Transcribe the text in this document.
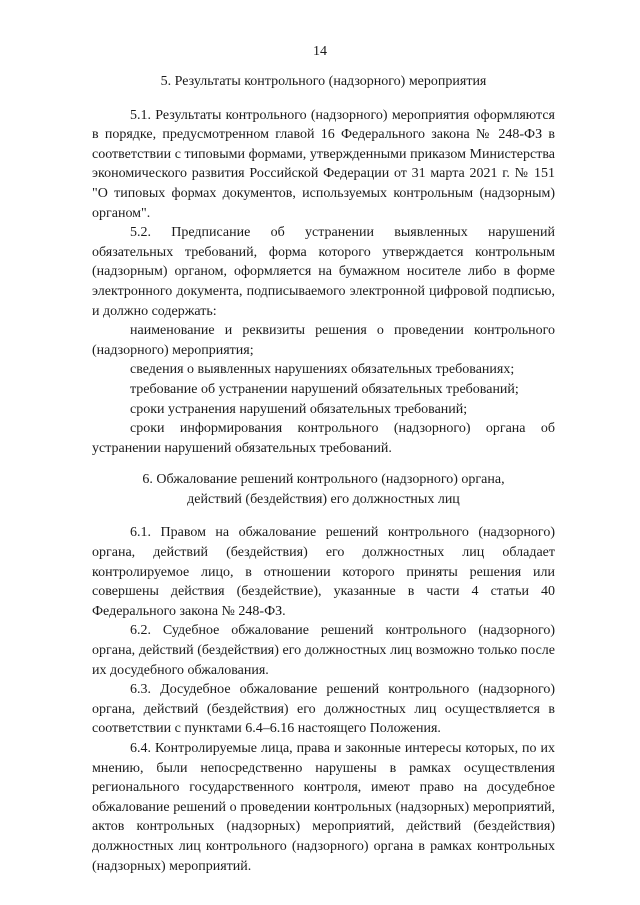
14
5. Результаты контрольного (надзорного) мероприятия

5.1. Результаты контрольного (надзорного) мероприятия оформляются в порядке, предусмотренном главой 16 Федерального закона № 248-ФЗ в соответствии с типовыми формами, утвержденными приказом Министерства экономического развития Российской Федерации от 31 марта 2021 г. № 151 "О типовых формах документов, используемых контрольным (надзорным) органом".

5.2. Предписание об устранении выявленных нарушений обязательных требований, форма которого утверждается контрольным (надзорным) органом, оформляется на бумажном носителе либо в форме электронного документа, подписываемого электронной цифровой подписью, и должно содержать:

наименование и реквизиты решения о проведении контрольного (надзорного) мероприятия;

сведения о выявленных нарушениях обязательных требованиях;

требование об устранении нарушений обязательных требований;

сроки устранения нарушений обязательных требований;

сроки информирования контрольного (надзорного) органа об устранении нарушений обязательных требований.

6. Обжалование решений контрольного (надзорного) органа,
действий (бездействия) его должностных лиц

6.1. Правом на обжалование решений контрольного (надзорного) органа, действий (бездействия) его должностных лиц обладает контролируемое лицо, в отношении которого приняты решения или совершены действия (бездействие), указанные в части 4 статьи 40 Федерального закона № 248-ФЗ.

6.2. Судебное обжалование решений контрольного (надзорного) органа, действий (бездействия) его должностных лиц возможно только после их досудебного обжалования.

6.3. Досудебное обжалование решений контрольного (надзорного) органа, действий (бездействия) его должностных лиц осуществляется в соответствии с пунктами 6.4–6.16 настоящего Положения.

6.4. Контролируемые лица, права и законные интересы которых, по их мнению, были непосредственно нарушены в рамках осуществления регионального государственного контроля, имеют право на досудебное обжалование решений о проведении контрольных (надзорных) мероприятий, актов контрольных (надзорных) мероприятий, действий (бездействия) должностных лиц контрольного (надзорного) органа в рамках контрольных (надзорных) мероприятий.
